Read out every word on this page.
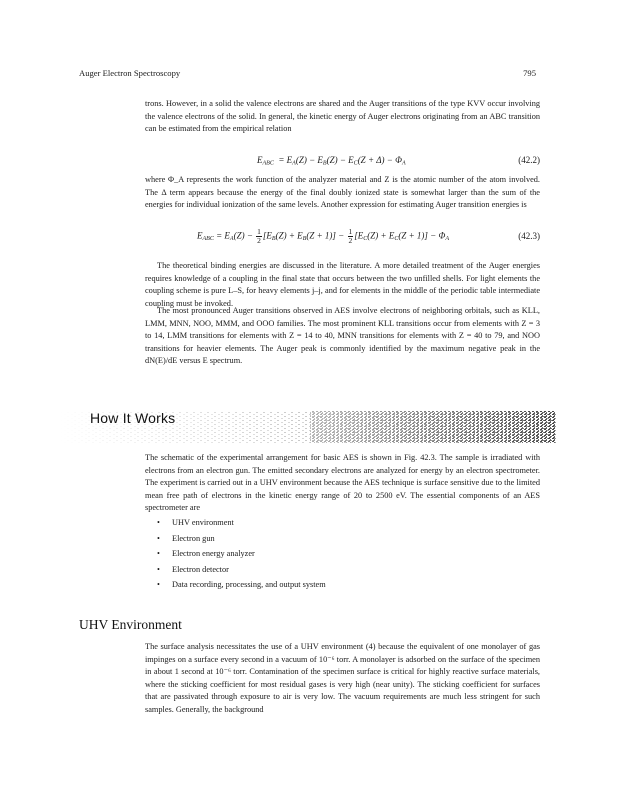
Auger Electron Spectroscopy	795

trons. However, in a solid the valence electrons are shared and the Auger transitions of the type KVV occur involving the valence electrons of the solid. In general, the kinetic energy of Auger electrons originating from an ABC transition can be estimated from the empirical relation

$E_{ABC} = E_A(Z) - E_B(Z) - E_C(Z + \Delta) - \Phi_A$	(42.2)

where Φ_A represents the work function of the analyzer material and Z is the atomic number of the atom involved. The Δ term appears because the energy of the final doubly ionized state is somewhat larger than the sum of the energies for individual ionization of the same levels. Another expression for estimating Auger transition energies is

$E_{ABC} = E_A(Z) - \frac{1}{2} [E_B(Z) + E_B(Z + 1)] - \frac{1}{2} [E_C(Z) + E_C(Z + 1)] - \Phi_A$	(42.3)

The theoretical binding energies are discussed in the literature. A more detailed treatment of the Auger energies requires knowledge of a coupling in the final state that occurs between the two unfilled shells. For light elements the coupling scheme is pure L–S, for heavy elements j–j, and for elements in the middle of the periodic table intermediate coupling must be invoked.

The most pronounced Auger transitions observed in AES involve electrons of neighboring orbitals, such as KLL, LMM, MNN, NOO, MMM, and OOO families. The most prominent KLL transitions occur from elements with Z = 3 to 14, LMM transitions for elements with Z = 14 to 40, MNN transitions for elements with Z = 40 to 79, and NOO transitions for heavier elements. The Auger peak is commonly identified by the maximum negative peak in the dN(E)/dE versus E spectrum.

How It Works

The schematic of the experimental arrangement for basic AES is shown in Fig. 42.3. The sample is irradiated with electrons from an electron gun. The emitted secondary electrons are analyzed for energy by an electron spectrometer. The experiment is carried out in a UHV environment because the AES technique is surface sensitive due to the limited mean free path of electrons in the kinetic energy range of 20 to 2500 eV. The essential components of an AES spectrometer are

• UHV environment
• Electron gun
• Electron energy analyzer
• Electron detector
• Data recording, processing, and output system
UHV Environment

The surface analysis necessitates the use of a UHV environment (4) because the equivalent of one monolayer of gas impinges on a surface every second in a vacuum of 10⁻⁶ torr. A monolayer is adsorbed on the surface of the specimen in about 1 second at 10⁻⁶ torr. Contamination of the specimen surface is critical for highly reactive surface materials, where the sticking coefficient for most residual gases is very high (near unity). The sticking coefficient for surfaces that are passivated through exposure to air is very low. The vacuum requirements are much less stringent for such samples. Generally, the background
